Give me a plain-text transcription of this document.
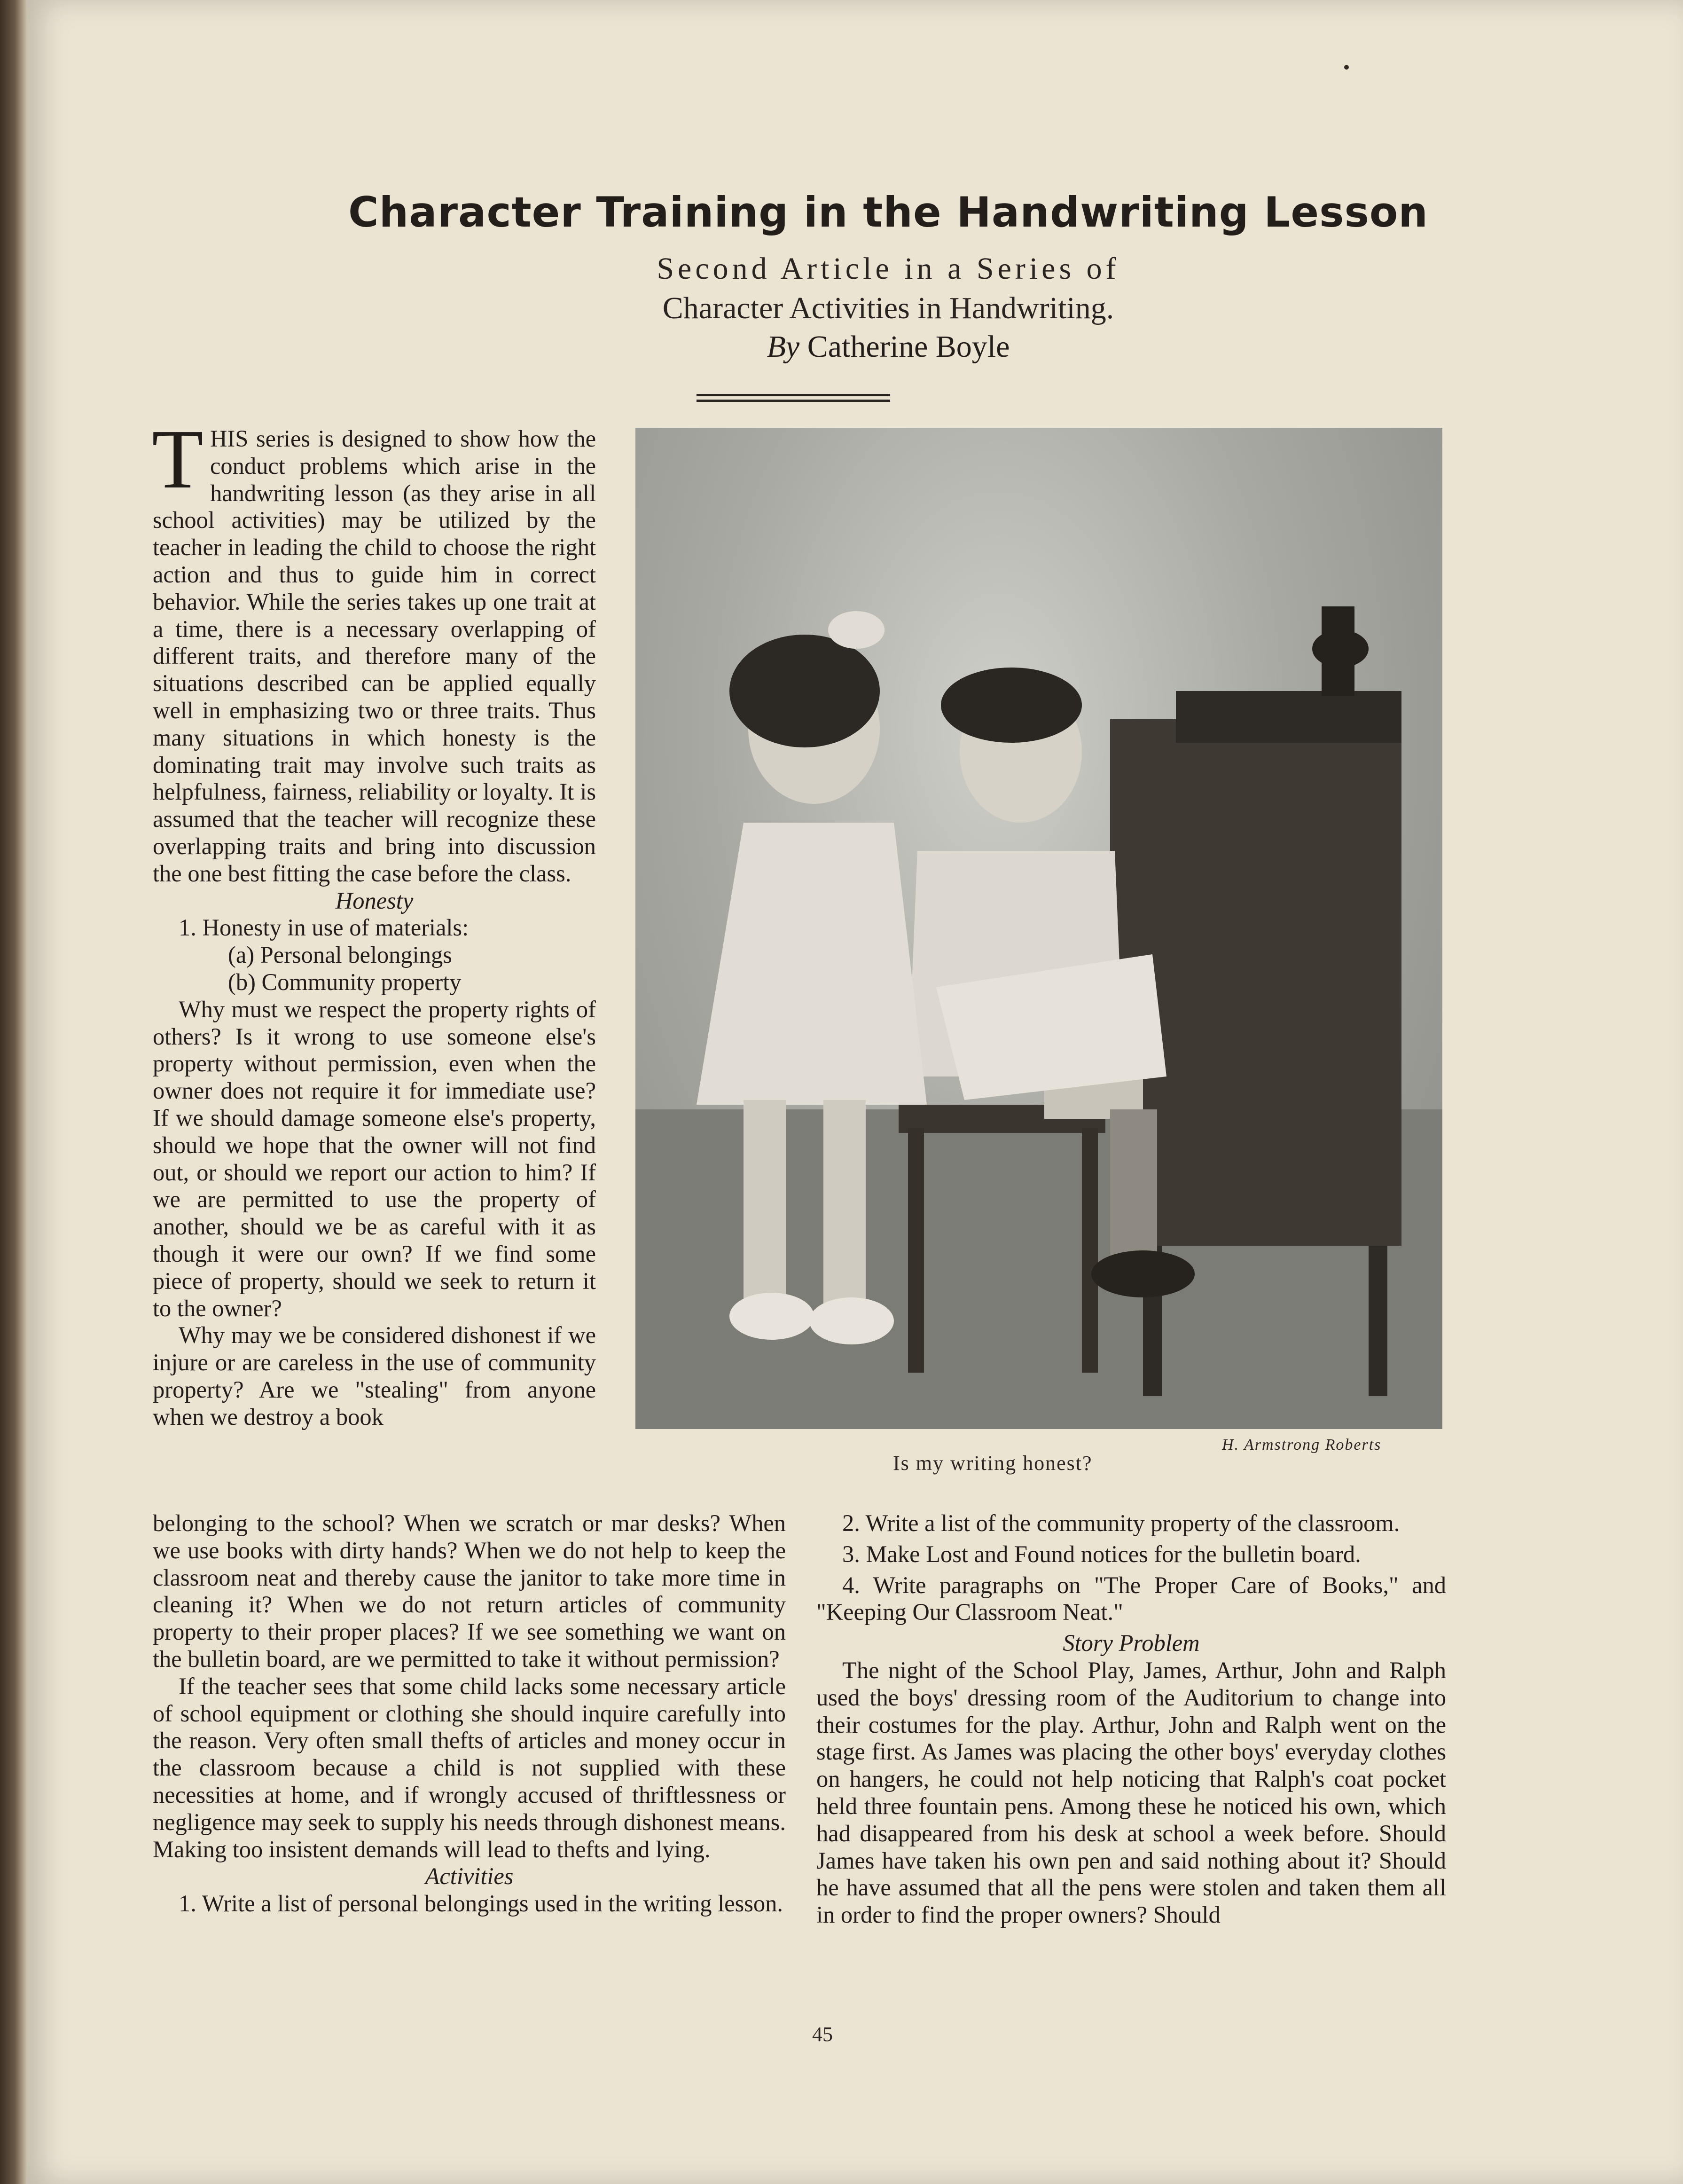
Character Training in the Handwriting Lesson
Second Article in a Series of
Character Activities in Handwriting.
By Catherine Boyle

THIS series is designed to show how the conduct problems which arise in the handwriting lesson (as they arise in all school activities) may be utilized by the teacher in leading the child to choose the right action and thus to guide him in correct behavior. While the series takes up one trait at a time, there is a necessary overlapping of different traits, and therefore many of the situations described can be applied equally well in emphasizing two or three traits. Thus many situations in which honesty is the dominating trait may involve such traits as helpfulness, fairness, reliability or loyalty. It is assumed that the teacher will recognize these overlapping traits and bring into discussion the one best fitting the case before the class.

Honesty

1. Honesty in use of materials:

(a) Personal belongings

(b) Community property

Why must we respect the property rights of others? Is it wrong to use someone else's property without permission, even when the owner does not require it for immediate use? If we should damage someone else's property, should we hope that the owner will not find out, or should we report our action to him? If we are permitted to use the property of another, should we be as careful with it as though it were our own? If we find some piece of property, should we seek to return it to the owner?

Why may we be considered dishonest if we injure or are careless in the use of community property? Are we "stealing" from anyone when we destroy a book

belonging to the school? When we scratch or mar desks? When we use books with dirty hands? When we do not help to keep the classroom neat and thereby cause the janitor to take more time in cleaning it? When we do not return articles of community property to their proper places? If we see something we want on the bulletin board, are we permitted to take it without permission?

If the teacher sees that some child lacks some necessary article of school equipment or clothing she should inquire carefully into the reason. Very often small thefts of articles and money occur in the classroom because a child is not supplied with these necessities at home, and if wrongly accused of thriftlessness or negligence may seek to supply his needs through dishonest means. Making too insistent demands will lead to thefts and lying.

Activities

1. Write a list of personal belongings used in the writing lesson.

2. Write a list of the community property of the classroom.

3. Make Lost and Found notices for the bulletin board.

4. Write paragraphs on "The Proper Care of Books," and "Keeping Our Classroom Neat."

Story Problem

The night of the School Play, James, Arthur, John and Ralph used the boys' dressing room of the Auditorium to change into their costumes for the play. Arthur, John and Ralph went on the stage first. As James was placing the other boys' everyday clothes on hangers, he could not help noticing that Ralph's coat pocket held three fountain pens. Among these he noticed his own, which had disappeared from his desk at school a week before. Should James have taken his own pen and said nothing about it? Should he have assumed that all the pens were stolen and taken them all in order to find the proper owners? Should

H. Armstrong Roberts
Is my writing honest?
45
